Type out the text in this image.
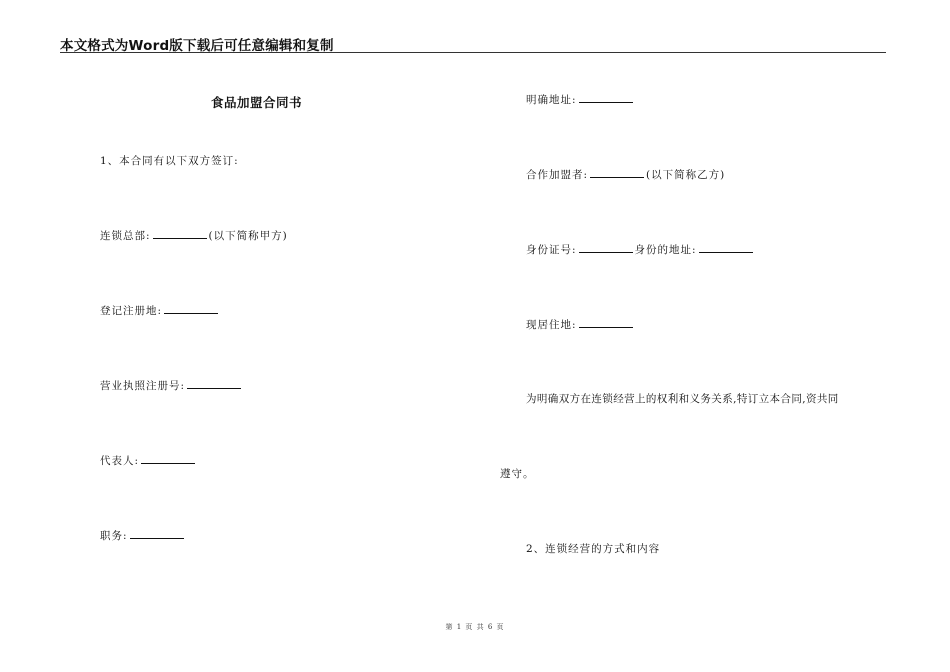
本文格式为Word版下载后可任意编辑和复制
食品加盟合同书
1、本合同有以下双方签订:
连锁总部:	(以下简称甲方)
登记注册地:
营业执照注册号:
代表人:
职务:
明确地址:
合作加盟者:	(以下简称乙方)
身份证号:	身份的地址:
现居住地:
为明确双方在连锁经营上的权利和义务关系,特订立本合同,资共同
遵守。
2、连锁经营的方式和内容
第 1 页 共 6 页
